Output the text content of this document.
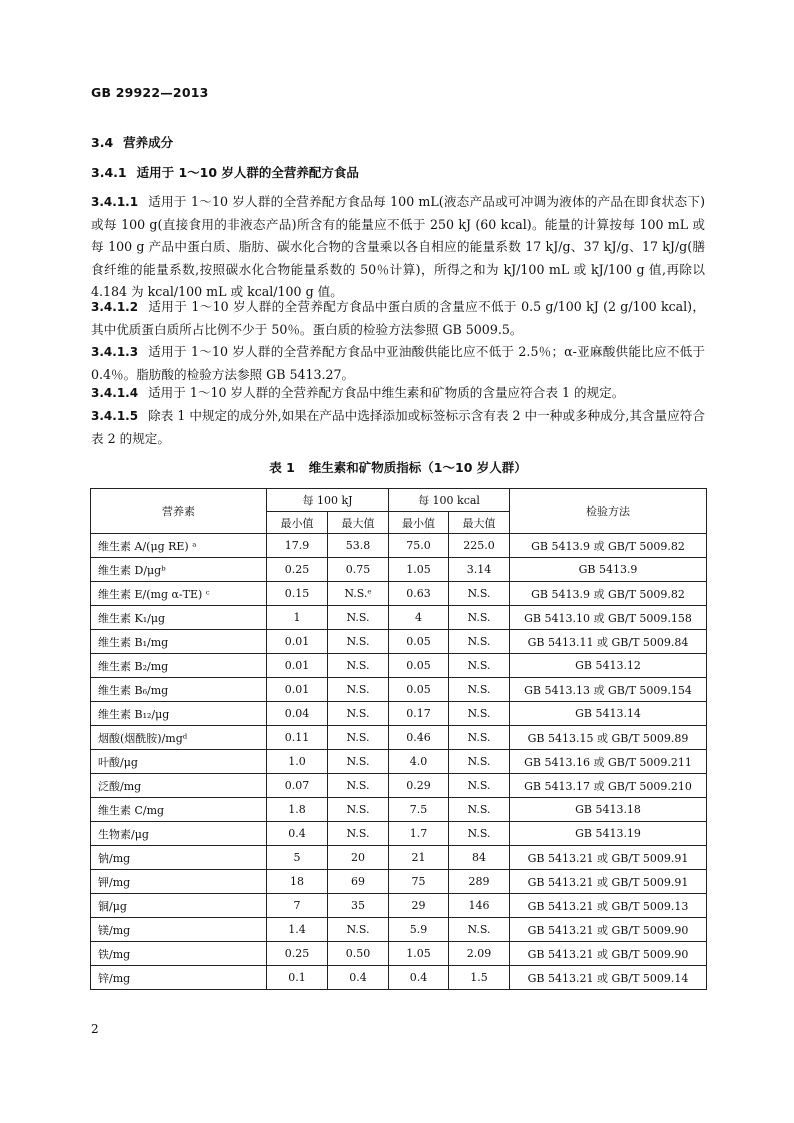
GB 29922—2013
3.4 营养成分
3.4.1 适用于 1～10 岁人群的全营养配方食品
3.4.1.1 适用于 1～10 岁人群的全营养配方食品每 100 mL(液态产品或可冲调为液体的产品在即食状态下)或每 100 g(直接食用的非液态产品)所含有的能量应不低于 250 kJ (60 kcal)。能量的计算按每 100 mL 或每 100 g 产品中蛋白质、脂肪、碳水化合物的含量乘以各自相应的能量系数 17 kJ/g、37 kJ/g、17 kJ/g(膳食纤维的能量系数,按照碳水化合物能量系数的 50％计算)，所得之和为 kJ/100 mL 或 kJ/100 g 值,再除以 4.184 为 kcal/100 mL 或 kcal/100 g 值。
3.4.1.2 适用于 1～10 岁人群的全营养配方食品中蛋白质的含量应不低于 0.5 g/100 kJ (2 g/100 kcal)，其中优质蛋白质所占比例不少于 50％。蛋白质的检验方法参照 GB 5009.5。
3.4.1.3 适用于 1～10 岁人群的全营养配方食品中亚油酸供能比应不低于 2.5％；α-亚麻酸供能比应不低于 0.4％。脂肪酸的检验方法参照 GB 5413.27。
3.4.1.4 适用于 1～10 岁人群的全营养配方食品中维生素和矿物质的含量应符合表 1 的规定。
3.4.1.5 除表 1 中规定的成分外,如果在产品中选择添加或标签标示含有表 2 中一种或多种成分,其含量应符合表 2 的规定。
表 1 维生素和矿物质指标（1～10 岁人群）
营养素	每 100 kJ		每 100 kcal		检验方法
	最小值	最大值	最小值	最大值	
维生素 A/(μg RE) ᵃ	17.9	53.8	75.0	225.0	GB 5413.9 或 GB/T 5009.82
维生素 D/μgᵇ	0.25	0.75	1.05	3.14	GB 5413.9
维生素 E/(mg α-TE) ᶜ	0.15	N.S.ᵉ	0.63	N.S.	GB 5413.9 或 GB/T 5009.82
维生素 K₁/μg	1	N.S.	4	N.S.	GB 5413.10 或 GB/T 5009.158
维生素 B₁/mg	0.01	N.S.	0.05	N.S.	GB 5413.11 或 GB/T 5009.84
维生素 B₂/mg	0.01	N.S.	0.05	N.S.	GB 5413.12
维生素 B₆/mg	0.01	N.S.	0.05	N.S.	GB 5413.13 或 GB/T 5009.154
维生素 B₁₂/μg	0.04	N.S.	0.17	N.S.	GB 5413.14
烟酸(烟酰胺)/mgᵈ	0.11	N.S.	0.46	N.S.	GB 5413.15 或 GB/T 5009.89
叶酸/μg	1.0	N.S.	4.0	N.S.	GB 5413.16 或 GB/T 5009.211
泛酸/mg	0.07	N.S.	0.29	N.S.	GB 5413.17 或 GB/T 5009.210
维生素 C/mg	1.8	N.S.	7.5	N.S.	GB 5413.18
生物素/μg	0.4	N.S.	1.7	N.S.	GB 5413.19
钠/mg	5	20	21	84	GB 5413.21 或 GB/T 5009.91
钾/mg	18	69	75	289	GB 5413.21 或 GB/T 5009.91
铜/μg	7	35	29	146	GB 5413.21 或 GB/T 5009.13
镁/mg	1.4	N.S.	5.9	N.S.	GB 5413.21 或 GB/T 5009.90
铁/mg	0.25	0.50	1.05	2.09	GB 5413.21 或 GB/T 5009.90
锌/mg	0.1	0.4	0.4	1.5	GB 5413.21 或 GB/T 5009.14
2
